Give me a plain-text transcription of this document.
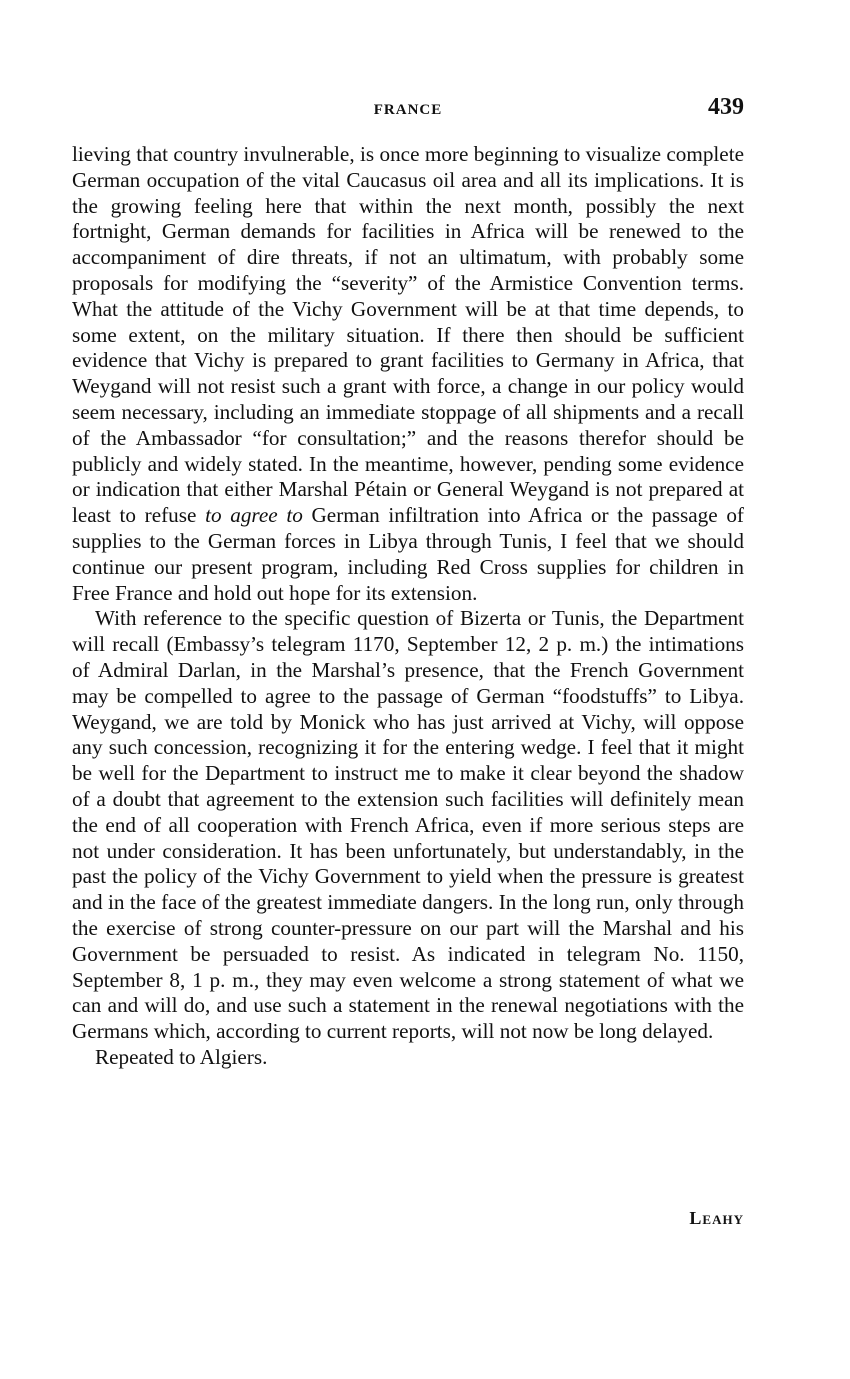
FRANCE	439

lieving that country invulnerable, is once more beginning to visualize complete German occupation of the vital Caucasus oil area and all its implications. It is the growing feeling here that within the next month, possibly the next fortnight, German demands for facilities in Africa will be renewed to the accompaniment of dire threats, if not an ultimatum, with probably some proposals for modifying the “severity” of the Armistice Convention terms. What the attitude of the Vichy Government will be at that time depends, to some extent, on the military situation. If there then should be sufficient evidence that Vichy is prepared to grant facilities to Germany in Africa, that Weygand will not resist such a grant with force, a change in our policy would seem necessary, including an immediate stoppage of all shipments and a recall of the Ambassador “for consultation;” and the reasons therefor should be publicly and widely stated. In the meantime, however, pending some evidence or indication that either Marshal Pétain or General Weygand is not prepared at least to refuse to agree to German infiltration into Africa or the passage of supplies to the German forces in Libya through Tunis, I feel that we should continue our present program, including Red Cross supplies for children in Free France and hold out hope for its extension.

With reference to the specific question of Bizerta or Tunis, the Department will recall (Embassy’s telegram 1170, September 12, 2 p. m.) the intimations of Admiral Darlan, in the Marshal’s presence, that the French Government may be compelled to agree to the passage of German “foodstuffs” to Libya. Weygand, we are told by Monick who has just arrived at Vichy, will oppose any such concession, recognizing it for the entering wedge. I feel that it might be well for the Department to instruct me to make it clear beyond the shadow of a doubt that agreement to the extension such facilities will definitely mean the end of all cooperation with French Africa, even if more serious steps are not under consideration. It has been unfortunately, but understandably, in the past the policy of the Vichy Government to yield when the pressure is greatest and in the face of the greatest immediate dangers. In the long run, only through the exercise of strong counter-pressure on our part will the Marshal and his Government be persuaded to resist. As indicated in telegram No. 1150, September 8, 1 p. m., they may even welcome a strong statement of what we can and will do, and use such a statement in the renewal negotiations with the Germans which, according to current reports, will not now be long delayed.

Repeated to Algiers.

Leahy
